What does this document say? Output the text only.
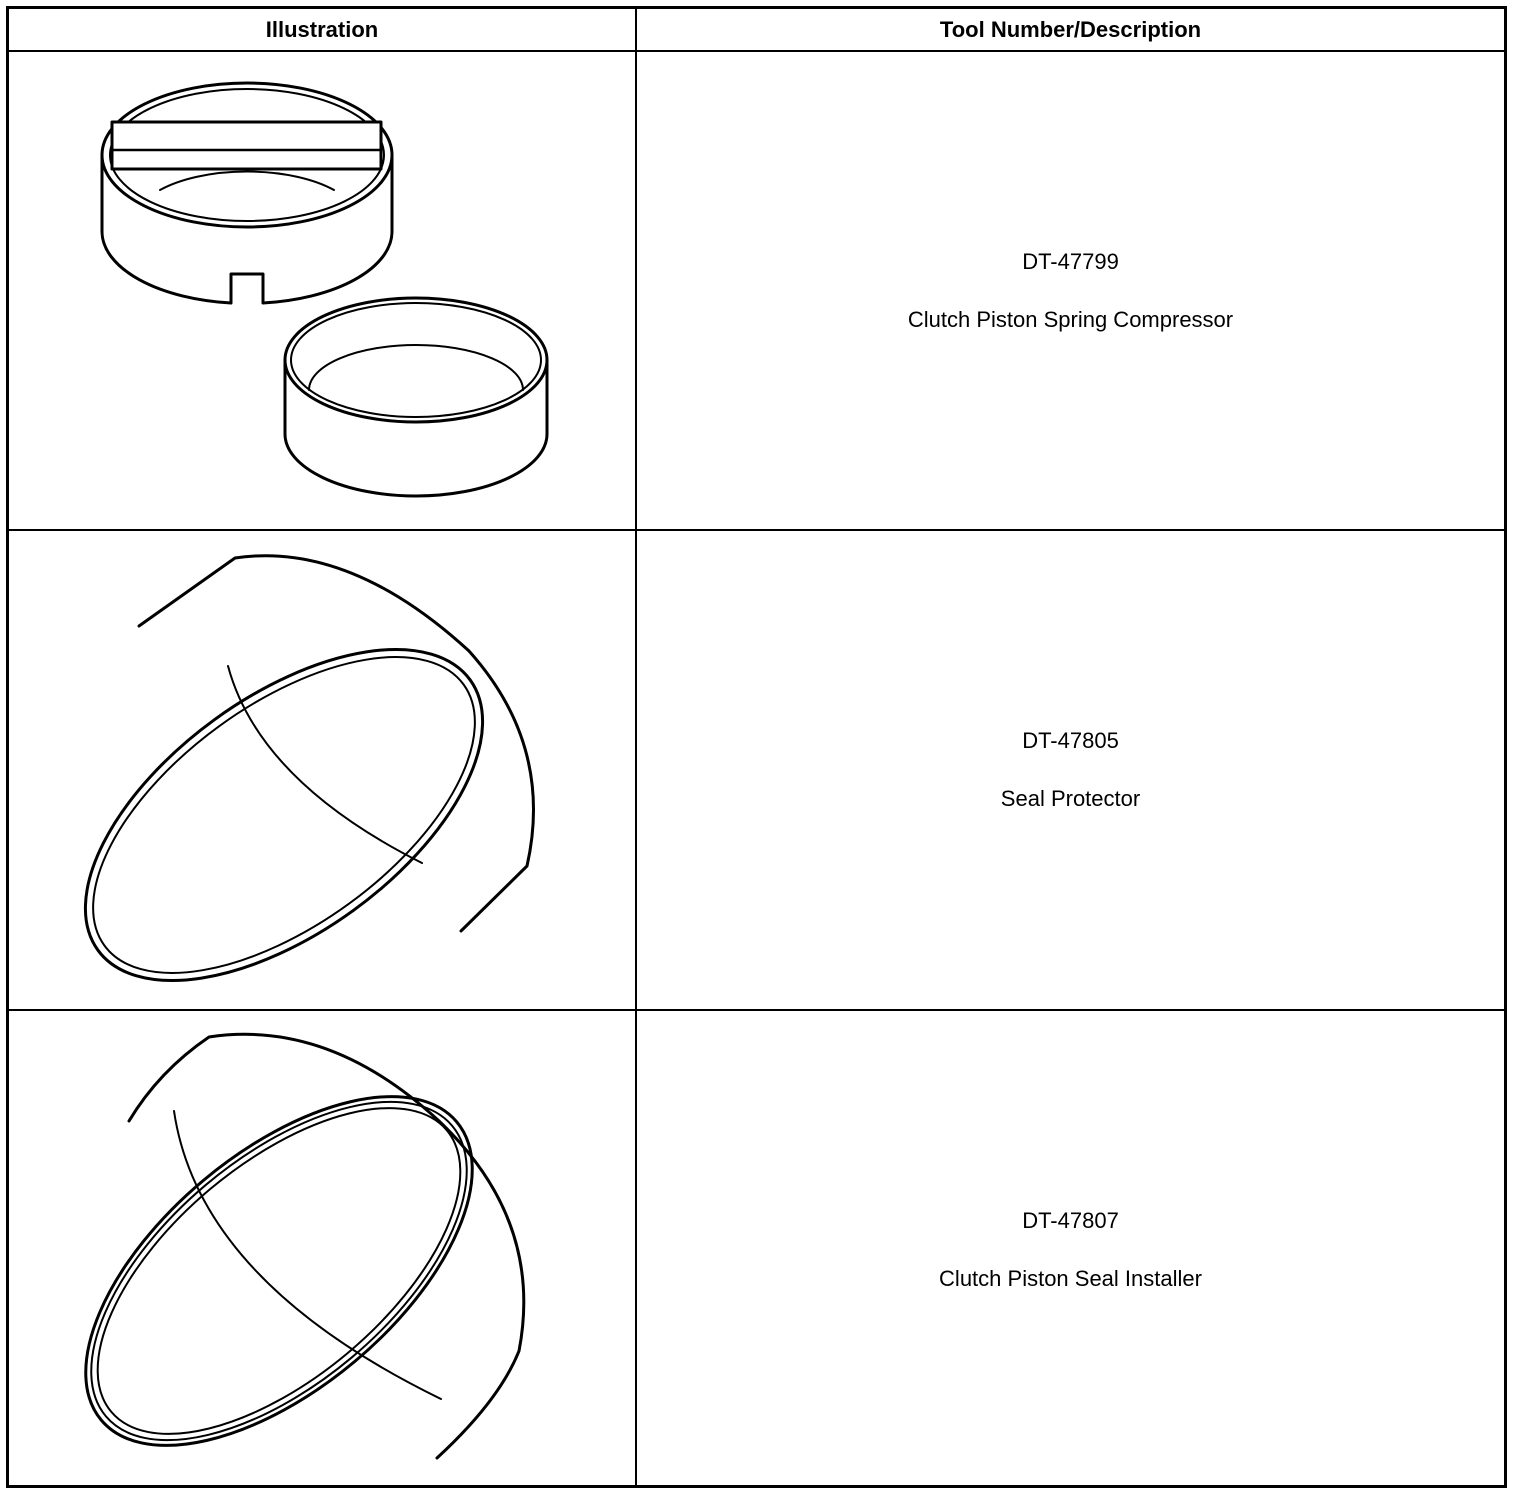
Illustration	Tool Number/Description
DT-47799
Clutch Piston Spring Compressor
DT-47805
Seal Protector
DT-47807
Clutch Piston Seal Installer
